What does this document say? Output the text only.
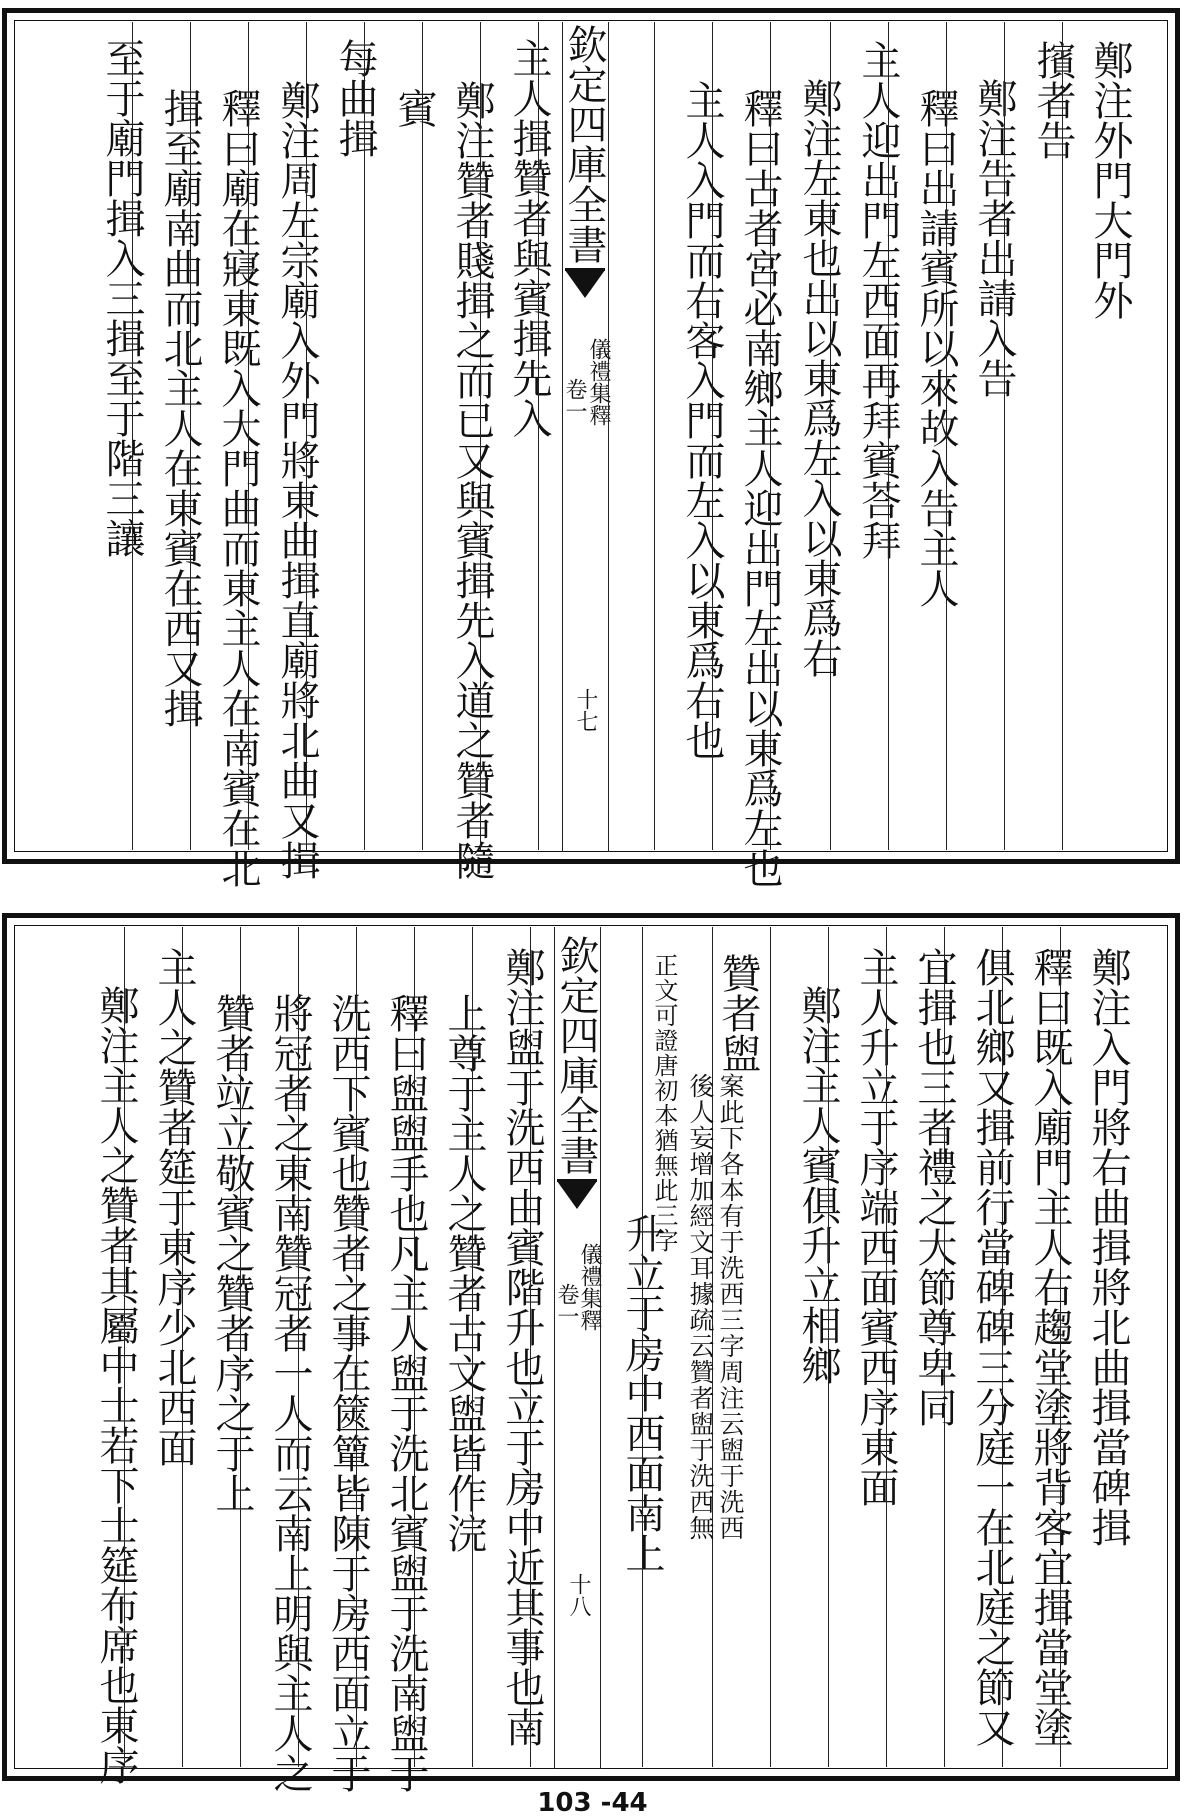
欽定四庫全書
儀禮集釋
卷一
十七
鄭注外門大門外
擯者告
鄭注告者出請入告
釋曰出請賓所以來故入告主人
主人迎出門左西面再拜賓荅拜
鄭注左東也出以東爲左入以東爲右
釋曰古者宮必南鄉主人迎出門左出以東爲左也
主人入門而右客入門而左入以東爲右也
主人揖贊者與賓揖先入
鄭注贊者賤揖之而已又與賓揖先入道之贊者隨
賓
每曲揖
鄭注周左宗廟入外門將東曲揖直廟將北曲又揖
釋曰廟在寢東既入大門曲而東主人在南賓在北
揖至廟南曲而北主人在東賓在西又揖
至于廟門揖入三揖至于階三讓
欽定四庫全書
儀禮集釋
卷一
十八
鄭注入門將右曲揖將北曲揖當碑揖
釋曰既入廟門主人右趨堂塗將背客宜揖當堂塗
俱北鄉又揖前行當碑碑三分庭一在北庭之節又
宜揖也三者禮之大節尊卑同
主人升立于序端西面賓西序東面
鄭注主人賓俱升立相鄉
贊者盥
正文可證唐初本猶無此三字
升立于房中西面南上
鄭注盥于洗西由賓階升也立于房中近其事也南
上尊于主人之贊者古文盥皆作浣
釋曰盥盥手也凡主人盥于洗北賓盥于洗南盥于
洗西下賓也贊者之事在篋簞皆陳于房西面立于
將冠者之東南贊冠者一人而云南上明與主人之
贊者竝立敬賓之贊者序之于上
主人之贊者筵于東序少北西面
鄭注主人之贊者其屬中士若下士筵布席也東序	案此下各本有于洗西三字周注云盥于洗西
後人妄增加經文耳據疏云贊者盥于洗西無
103 -44
